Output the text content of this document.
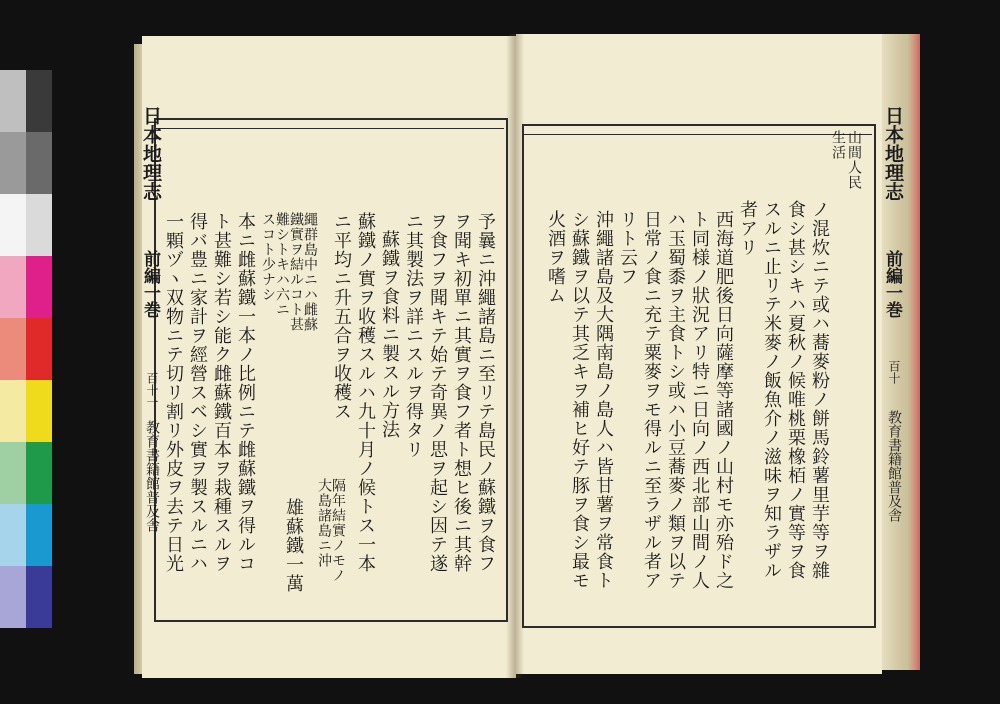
日本地理志
前編一巻
百十
教育書籍館普及舎
日本地理志
前編一巻
百十一
教育書籍館普及舎
山間人民
生活
ノ混炊ニテ或ハ蕎麥粉ノ餅馬鈴薯里芋等ヲ雜
食シ甚シキハ夏秋ノ候唯桃栗橡栢ノ實等ヲ食
スルニ止リテ米麥ノ飯魚介ノ滋味ヲ知ラザル
者アリ
西海道肥後日向薩摩等諸國ノ山村モ亦殆ド之
ト同様ノ狀況アリ特ニ日向ノ西北部山間ノ人
ハ玉蜀黍ヲ主食トシ或ハ小豆蕎麥ノ類ヲ以テ
日常ノ食ニ充テ粟麥ヲモ得ルニ至ラザル者ア
リト云フ
沖繩諸島及大隅南島ノ島人ハ皆甘薯ヲ常食ト
シ蘇鐵ヲ以テ其乏キヲ補ヒ好テ豚ヲ食シ最モ
火酒ヲ嗜ム
予曩ニ沖繩諸島ニ至リテ島民ノ蘇鐵ヲ食フ
ヲ聞キ初單ニ其實ヲ食フ者ト想ヒ後ニ其幹
ヲ食フヲ聞キテ始テ奇異ノ思ヲ起シ因テ遂
ニ其製法ヲ詳ニスルヲ得タリ
蘇鐵ヲ食料ニ製スル方法
蘇鐵ノ實ヲ收穫スルハ九十月ノ候トス一本
ニ平均ニ升五合ヲ收穫ス
隔年結實ノモノ
大島諸島ニ沖
繩群島中ニハ雌蘇
鐵實ヲ結ルコト甚
難シトキハ六ニ
スコト少ナシ
雄蘇鐵一萬
本ニ雌蘇鐵一本ノ比例ニテ雌蘇鐵ヲ得ルコ
ト甚難シ若シ能ク雌蘇鐵百本ヲ栽種スルヲ
得バ豊ニ家計ヲ經營スベシ實ヲ製スルニハ
一顆ヅヽ双物ニテ切リ割リ外皮ヲ去テ日光
